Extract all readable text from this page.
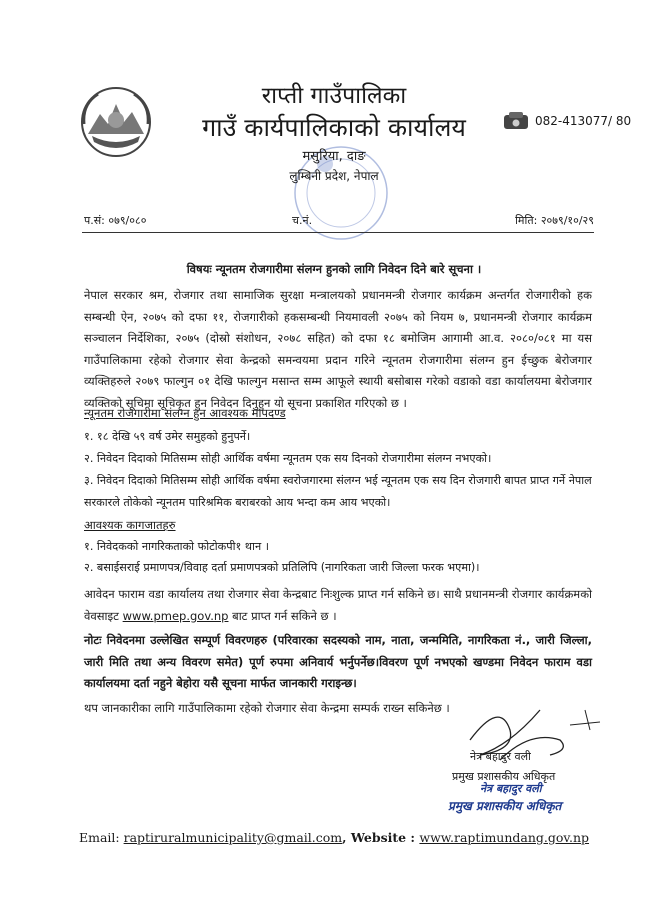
राप्ती गाउँपालिका
गाउँ कार्यपालिकाको कार्यालय	082-413077/ 80
मसुरिया, दाङ
लुम्बिनी प्रदेश, नेपाल
प.सं: ०७९/०८०	च.नं.	मिति: २०७९/१०/२९
विषयः न्यूनतम रोजगारीमा संलग्न हुनको लागि निवेदन दिने बारे सूचना ।
नेपाल सरकार श्रम, रोजगार तथा सामाजिक सुरक्षा मन्त्रालयको प्रधानमन्त्री रोजगार कार्यक्रम अन्तर्गत रोजगारीको हक सम्बन्धी ऐन, २०७५ को दफा ११, रोजगारीको हकसम्बन्धी नियमावली २०७५ को नियम ७, प्रधानमन्त्री रोजगार कार्यक्रम सञ्चालन निर्देशिका, २०७५ (दोस्रो संशोधन, २०७८ सहित) को दफा १८ बमोजिम आगामी आ.व. २०८०/०८१ मा यस गाउँपालिकामा रहेको रोजगार सेवा केन्द्रको समन्वयमा प्रदान गरिने न्यूनतम रोजगारीमा संलग्न हुन ईच्छुक बेरोजगार व्यक्तिहरुले २०७९ फाल्गुन ०१ देखि फाल्गुन मसान्त सम्म आफूले स्थायी बसोबास गरेको वडाको वडा कार्यालयमा बेरोजगार व्यक्तिको सूचिमा सूचिकृत हुन निवेदन दिनुहुन यो सूचना प्रकाशित गरिएको छ ।
न्यूनतम रोजगारीमा संलग्न हुन आवश्यक मापदण्ड
१. १८ देखि ५९ वर्ष उमेर समुहको हुनुपर्ने।
२. निवेदन दिदाको मितिसम्म सोही आर्थिक वर्षमा न्यूनतम एक सय दिनको रोजगारीमा संलग्न नभएको।
३. निवेदन दिदाको मितिसम्म सोही आर्थिक वर्षमा स्वरोजगारमा संलग्न भई न्यूनतम एक सय दिन रोजगारी बापत प्राप्त गर्ने नेपाल सरकारले तोकेको न्यूनतम पारिश्रमिक बराबरको आय भन्दा कम आय भएको।
आवश्यक कागजातहरु
१. निवेदकको नागरिकताको फोटोकपी१ थान ।
२. बसाईसराई प्रमाणपत्र/विवाह दर्ता प्रमाणपत्रको प्रतिलिपि (नागरिकता जारी जिल्ला फरक भएमा)।
आवेदन फाराम वडा कार्यालय तथा रोजगार सेवा केन्द्रबाट निःशुल्क प्राप्त गर्न सकिने छ। साथै प्रधानमन्त्री रोजगार कार्यक्रमको वेवसाइट www.pmep.gov.np बाट प्राप्त गर्न सकिने छ ।
नोटः निवेदनमा उल्लेखित सम्पूर्ण विवरणहरु (परिवारका सदस्यको नाम, नाता, जन्ममिति, नागरिकता नं., जारी जिल्ला, जारी मिति तथा अन्य विवरण समेत) पूर्ण रुपमा अनिवार्य भर्नुपर्नेछ।विवरण पूर्ण नभएको खण्डमा निवेदन फाराम वडा कार्यालयमा दर्ता नहुने बेहोरा यसै सूचना मार्फत जानकारी गराइन्छ।
थप जानकारीका लागि गाउँपालिकामा रहेको रोजगार सेवा केन्द्रमा सम्पर्क राख्न सकिनेछ ।
नेत्र बहादुर वली
प्रमुख प्रशासकीय अधिकृत
नेत्र बहादुर वली
प्रमुख प्रशासकीय अधिकृत
Email: raptiruralmunicipality@gmail.com, Website : www.raptimundang.gov.np
